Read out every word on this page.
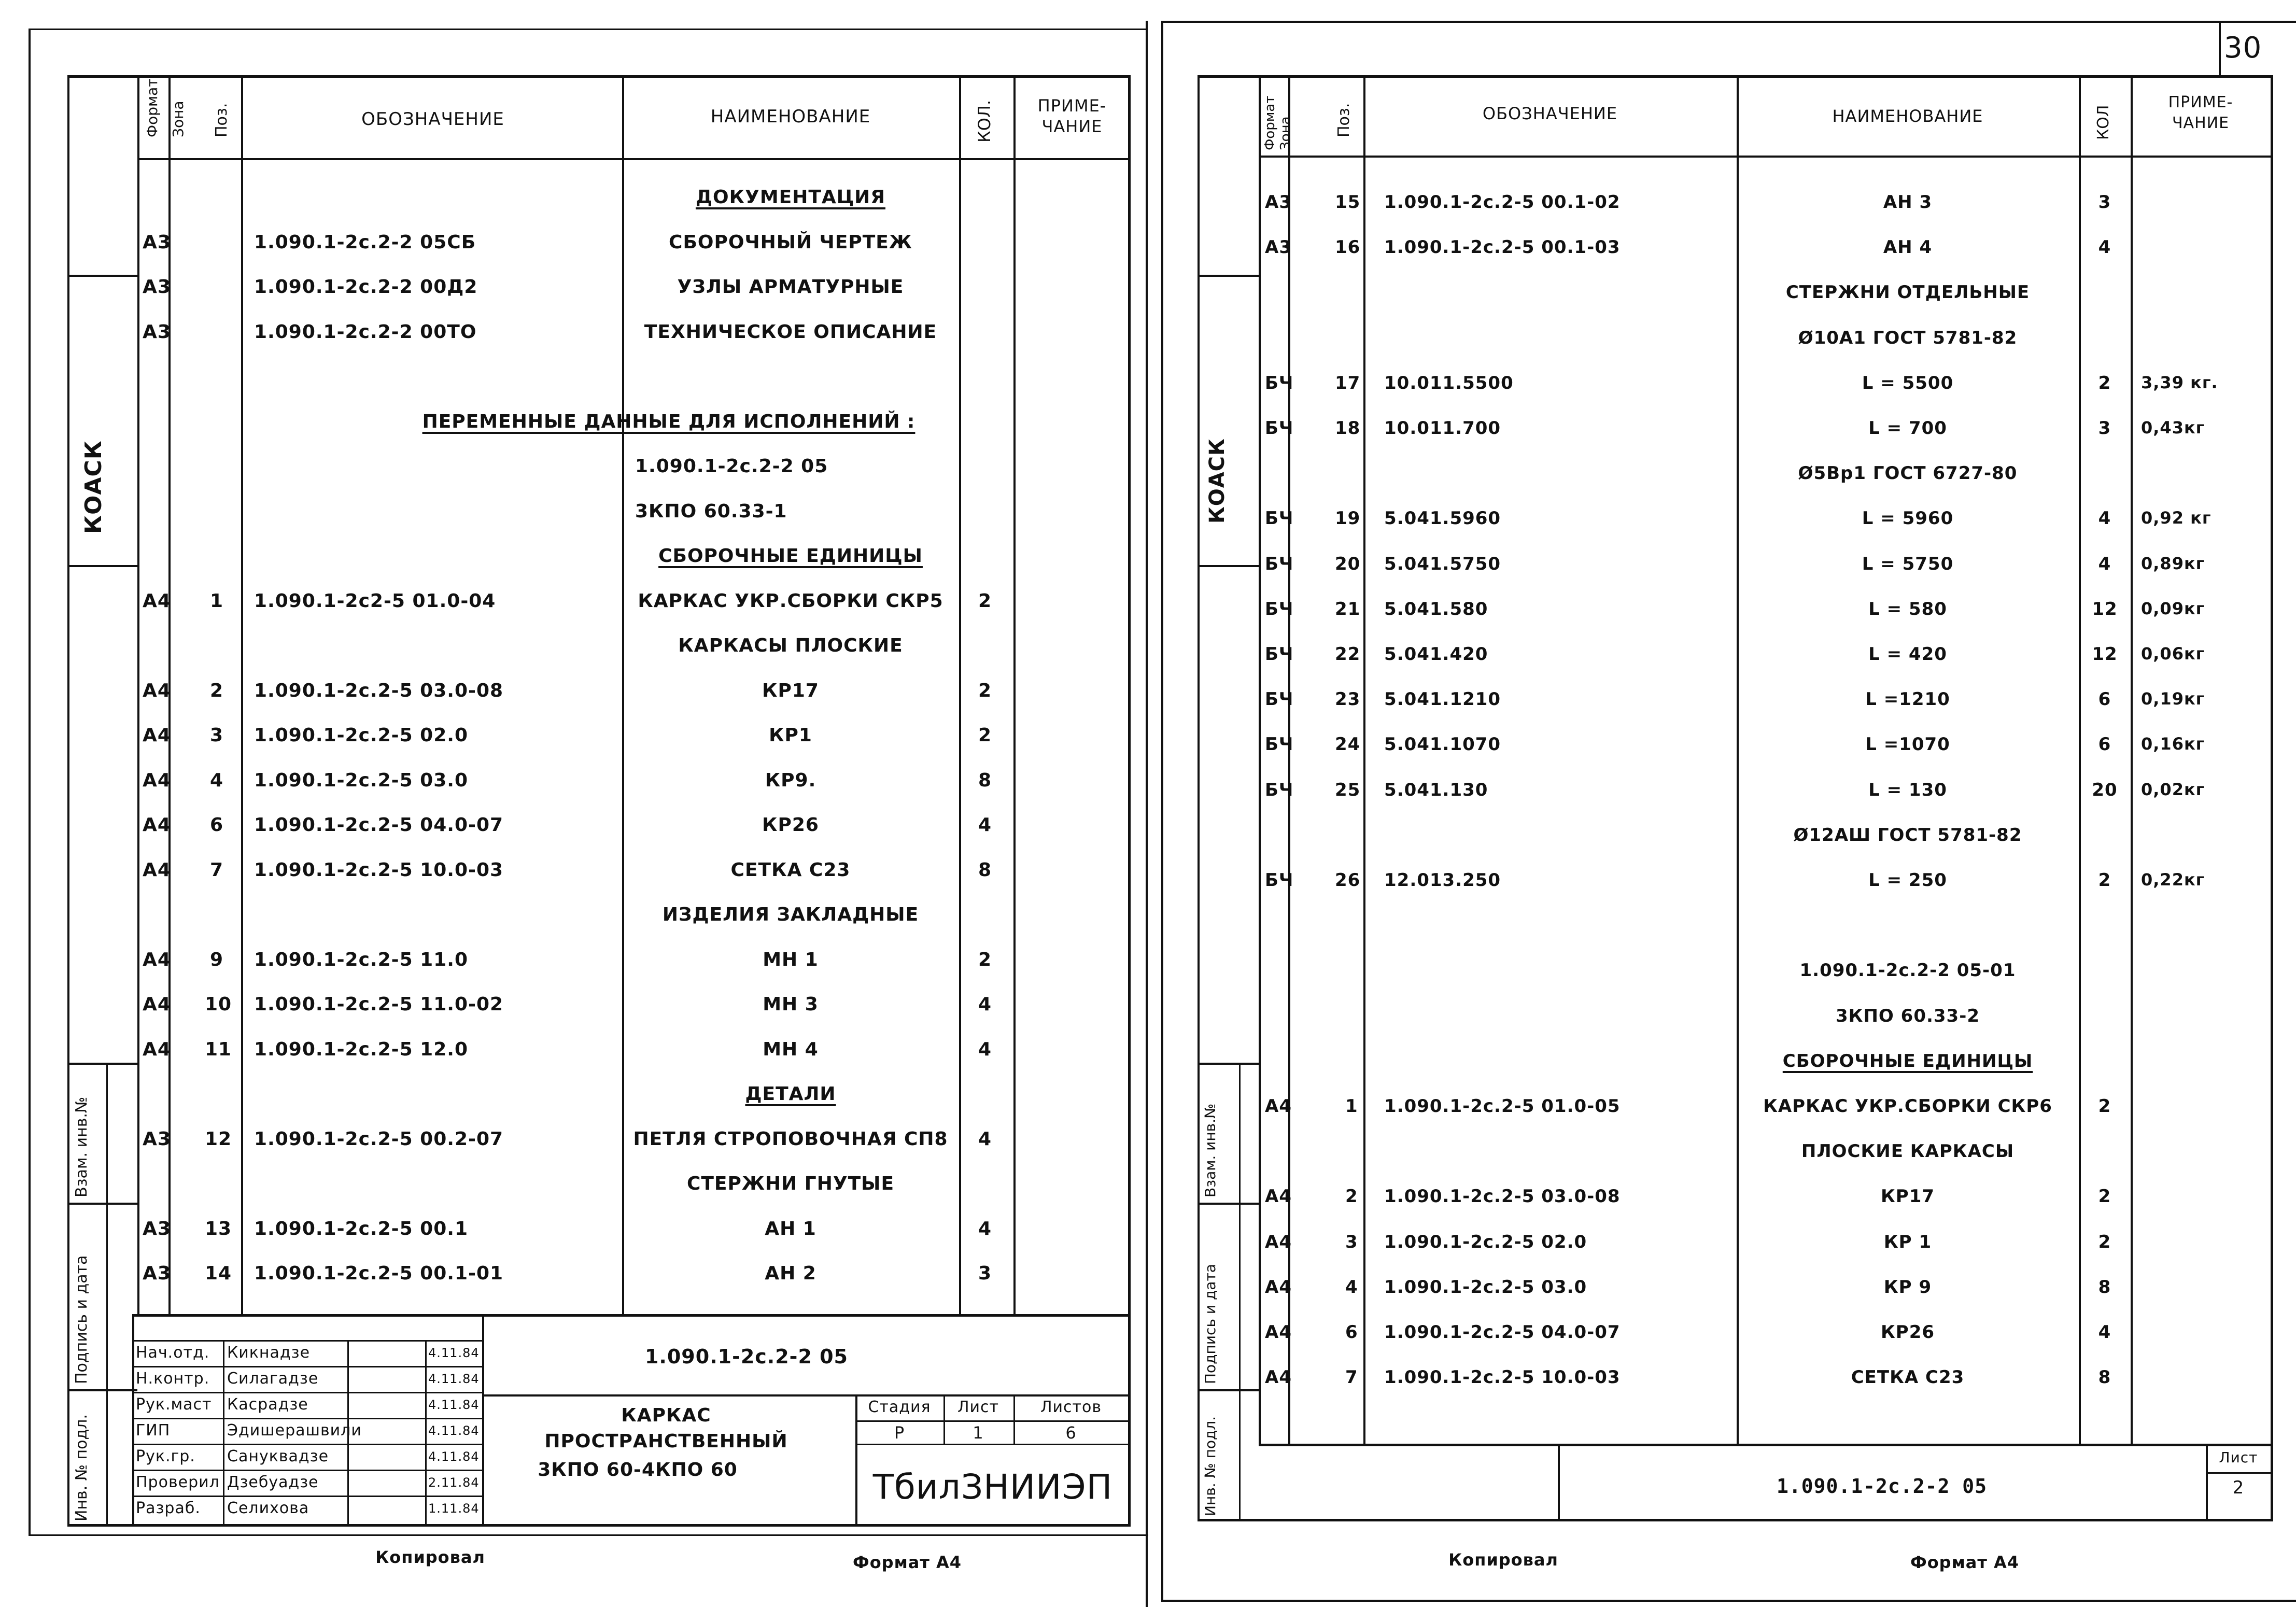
КОАСК
Взам. инв.№
Подпись и дата
Инв. № подл.
Формат Зона Поз.	ОБОЗНАЧЕНИЕ	НАИМЕНОВАНИЕ	КОЛ.	ПРИМЕ-
ЧАНИЕ
ДОКУМЕНТАЦИЯ
А3	1.090.1-2с.2-2 05СБ	СБОРОЧНЫЙ ЧЕРТЕЖ
А3	1.090.1-2с.2-2 00Д2	УЗЛЫ АРМАТУРНЫЕ
А3	1.090.1-2с.2-2 00ТО	ТЕХНИЧЕСКОЕ ОПИСАНИЕ
ПЕРЕМЕННЫЕ ДАННЫЕ ДЛЯ ИСПОЛНЕНИЙ :
1.090.1-2с.2-2 05
3КПО 60.33-1
СБОРОЧНЫЕ ЕДИНИЦЫ
А4 1 1.090.1-2с2-5 01.0-04	КАРКАС УКР.СБОРКИ СКР5 2
КАРКАСЫ ПЛОСКИЕ
А4 2 1.090.1-2с.2-5 03.0-08	КР17	2
А4 3 1.090.1-2с.2-5 02.0	КР1	2
А4 4 1.090.1-2с.2-5 03.0	КР9.	8
А4 6 1.090.1-2с.2-5 04.0-07	КР26	4
А4 7 1.090.1-2с.2-5 10.0-03	СЕТКА С23	8
ИЗДЕЛИЯ ЗАКЛАДНЫЕ
А4 9 1.090.1-2с.2-5 11.0	МН 1	2
А4 10 1.090.1-2с.2-5 11.0-02	МН 3	4
А4 11 1.090.1-2с.2-5 12.0	МН 4	4
ДЕТАЛИ
А3 12 1.090.1-2с.2-5 00.2-07	ПЕТЛЯ СТРОПОВОЧНАЯ СП8 4
СТЕРЖНИ ГНУТЫЕ
А3 13 1.090.1-2с.2-5 00.1	АН 1	4
А3 14 1.090.1-2с.2-5 00.1-01	АН 2	3
Нач.отд. Кикнадзе	4.11.84
Н.контр. Силагадзе	4.11.84
Рук.маст Касрадзе	4.11.84
ГИП	Эдишерашвили	4.11.84
Рук.гр. Сануквадзе	4.11.84
Проверил Дзебуадзе	2.11.84
Разраб. Селихова	1.11.84
1.090.1-2с.2-2 05
КАРКАС
ПРОСТРАНСТВЕННЫЙ
3КПО 60-4КПО 60
Стадия Лист	Листов
Р	1	6
ТбилЗНИИЭП
Копировал	Формат А4
30
КОАСК
Взам. инв.№
Подпись и дата
Инв. № подл.
Формат Зона	Поз.	ОБОЗНАЧЕНИЕ	НАИМЕНОВАНИЕ	КОЛ
ПРИМЕ-
ЧАНИЕ
А3 15 1.090.1-2с.2-5 00.1-02	АН 3	3
А3 16 1.090.1-2с.2-5 00.1-03	АН 4	4
СТЕРЖНИ ОТДЕЛЬНЫЕ
Ø10А1 ГОСТ 5781-82
БЧ 17 10.011.5500	L = 5500	2 3,39 кг.
БЧ 18 10.011.700	L = 700	3 0,43кг
Ø5Вр1 ГОСТ 6727-80
БЧ 19 5.041.5960	L = 5960	4 0,92 кг
БЧ 20 5.041.5750	L = 5750	4 0,89кг
БЧ 21 5.041.580	L = 580	12 0,09кг
БЧ 22 5.041.420	L = 420	12 0,06кг
БЧ 23 5.041.1210	L =1210	6 0,19кг
БЧ 24 5.041.1070	L =1070	6 0,16кг
БЧ 25 5.041.130	L = 130	20 0,02кг
Ø12АШ ГОСТ 5781-82
БЧ 26 12.013.250	L = 250	2 0,22кг
1.090.1-2с.2-2 05-01
3КПО 60.33-2
СБОРОЧНЫЕ ЕДИНИЦЫ
А4	1 1.090.1-2с.2-5 01.0-05	КАРКАС УКР.СБОРКИ СКР6	2
ПЛОСКИЕ КАРКАСЫ
А4	2 1.090.1-2с.2-5 03.0-08	КР17	2
А4	3 1.090.1-2с.2-5 02.0	КР 1	2
А4	4 1.090.1-2с.2-5 03.0	КР 9	8
А4	6 1.090.1-2с.2-5 04.0-07	КР26	4
А4	7 1.090.1-2с.2-5 10.0-03	СЕТКА С23	8
1.090.1-2с.2-2 05
Лист
2
Копировал	Формат А4
